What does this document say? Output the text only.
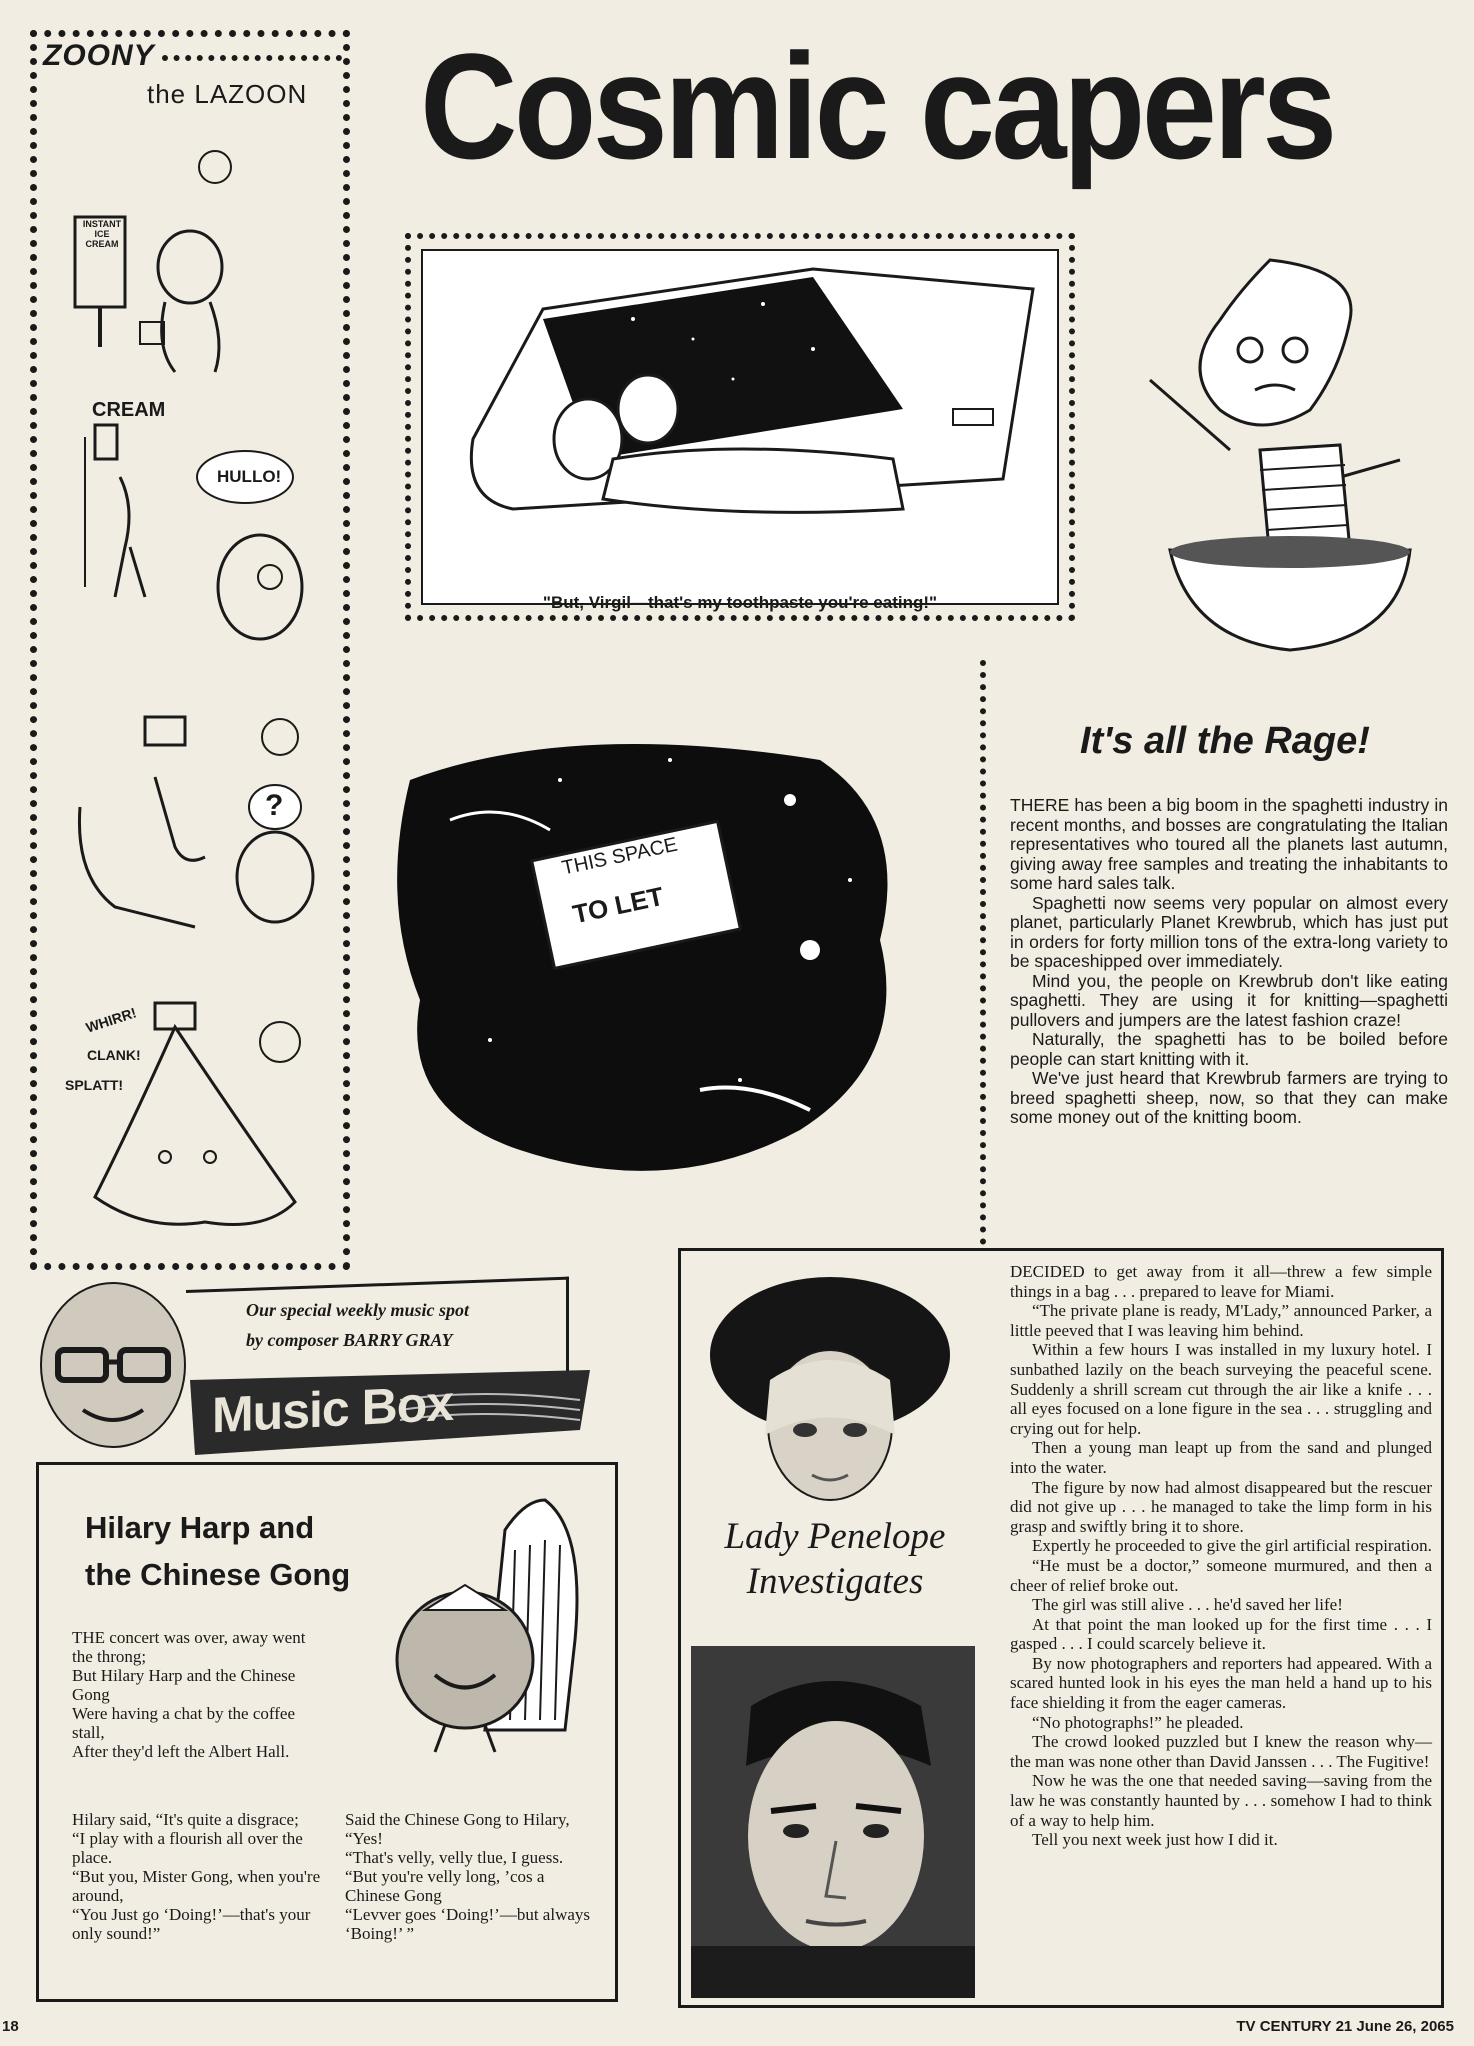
ZOONY
the LAZOON
INSTANT ICE CREAM
CREAM
HULLO!
?
WHIRR!
CLANK!
SPLATT!
Cosmic capers
"But, Virgil—that's my toothpaste you're eating!"
THIS SPACE
TO LET
It's all the Rage!

THERE has been a big boom in the spaghetti industry in recent months, and bosses are congratulating the Italian representatives who toured all the planets last autumn, giving away free samples and treating the inhabitants to some hard sales talk.

Spaghetti now seems very popular on almost every planet, particularly Planet Krewbrub, which has just put in orders for forty million tons of the extra-long variety to be spaceshipped over immediately.

Mind you, the people on Krewbrub don't like eating spaghetti. They are using it for knitting—spaghetti pullovers and jumpers are the latest fashion craze!

Naturally, the spaghetti has to be boiled before people can start knitting with it.

We've just heard that Krewbrub farmers are trying to breed spaghetti sheep, now, so that they can make some money out of the knitting boom.

Our special weekly music spot
by composer BARRY GRAY
Music Box
Hilary Harp and
the Chinese Gong
THE concert was over, away went the throng;
But Hilary Harp and the Chinese Gong
Were having a chat by the coffee stall,
After they'd left the Albert Hall.
Hilary said, “It's quite a disgrace;
“I play with a flourish all over the place.
“But you, Mister Gong, when you're around,
“You Just go ‘Doing!’—that's your only sound!”
Said the Chinese Gong to Hilary, “Yes!
“That's velly, velly tlue, I guess.
“But you're velly long, ’cos a Chinese Gong
“Levver goes ‘Doing!’—but always ‘Boing!’ ”
Lady Penelope
Investigates

DECIDED to get away from it all—threw a few simple things in a bag . . . prepared to leave for Miami.

“The private plane is ready, M'Lady,” announced Parker, a little peeved that I was leaving him behind.

Within a few hours I was installed in my luxury hotel. I sunbathed lazily on the beach surveying the peaceful scene. Suddenly a shrill scream cut through the air like a knife . . . all eyes focused on a lone figure in the sea . . . struggling and crying out for help.

Then a young man leapt up from the sand and plunged into the water.

The figure by now had almost disappeared but the rescuer did not give up . . . he managed to take the limp form in his grasp and swiftly bring it to shore.

Expertly he proceeded to give the girl artificial respiration.

“He must be a doctor,” someone murmured, and then a cheer of relief broke out.

The girl was still alive . . . he'd saved her life!

At that point the man looked up for the first time . . . I gasped . . . I could scarcely believe it.

By now photographers and reporters had appeared. With a scared hunted look in his eyes the man held a hand up to his face shielding it from the eager cameras.

“No photographs!” he pleaded.

The crowd looked puzzled but I knew the reason why—the man was none other than David Janssen . . . The Fugitive!

Now he was the one that needed saving—saving from the law he was constantly haunted by . . . somehow I had to think of a way to help him.

Tell you next week just how I did it.

18	TV CENTURY 21 June 26, 2065
